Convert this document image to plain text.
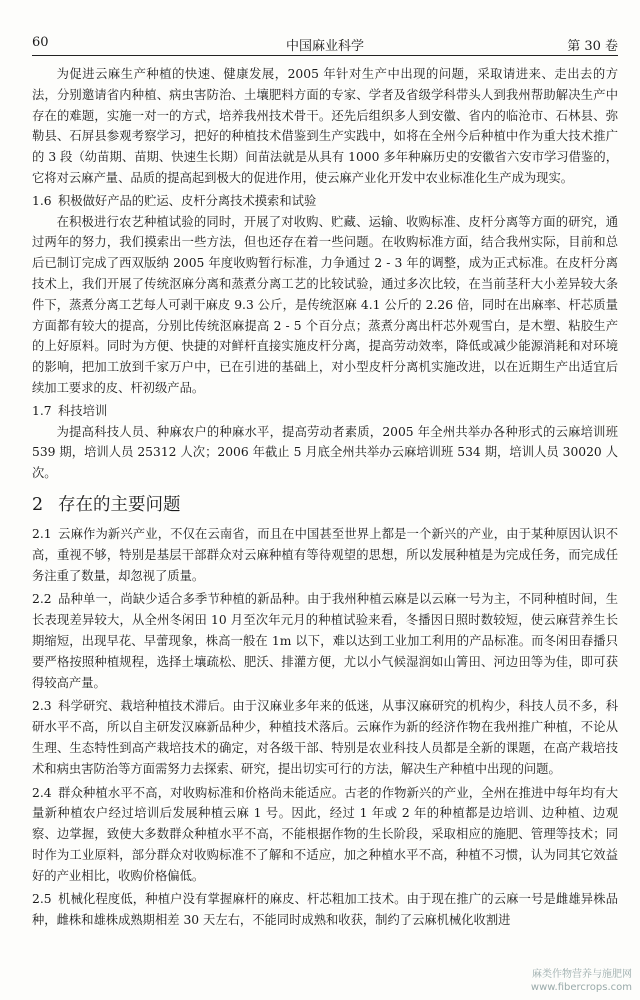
60	中国麻业科学	第 30 卷

为促进云麻生产种植的快速、健康发展，2005 年针对生产中出现的问题，采取请进来、走出去的方法，分别邀请省内种植、病虫害防治、土壤肥料方面的专家、学者及省级学科带头人到我州帮助解决生产中存在的难题，实施一对一的方式，培养我州技术骨干。还先后组织多人到安徽、省内的临沧市、石林县、弥勒县、石屏县参观考察学习，把好的种植技术借鉴到生产实践中，如将在全州今后种植中作为重大技术推广的 3 段（幼苗期、苗期、快速生长期）间苗法就是从具有 1000 多年种麻历史的安徽省六安市学习借鉴的，它将对云麻产量、品质的提高起到极大的促进作用，使云麻产业化开发中农业标准化生产成为现实。

1.6 积极做好产品的贮运、皮杆分离技术摸索和试验

在积极进行农艺种植试验的同时，开展了对收购、贮藏、运输、收购标准、皮杆分离等方面的研究，通过两年的努力，我们摸索出一些方法，但也还存在着一些问题。在收购标准方面，结合我州实际，目前和总后已制订完成了西双版纳 2005 年度收购暂行标准，力争通过 2 - 3 年的调整，成为正式标准。在皮杆分离技术上，我们开展了传统沤麻分离和蒸煮分离工艺的比较试验，通过多次比较，在当前茎秆大小差异较大条件下，蒸煮分离工艺每人可剥干麻皮 9.3 公斤，是传统沤麻 4.1 公斤的 2.26 倍，同时在出麻率、杆芯质量方面都有较大的提高，分别比传统沤麻提高 2 - 5 个百分点；蒸煮分离出杆芯外观雪白，是木塑、粘胶生产的上好原料。同时为方便、快捷的对鲜杆直接实施皮杆分离，提高劳动效率，降低或减少能源消耗和对环境的影响，把加工放到千家万户中，已在引进的基础上，对小型皮杆分离机实施改进，以在近期生产出适宜后续加工要求的皮、杆初级产品。

1.7 科技培训

为提高科技人员、种麻农户的种麻水平，提高劳动者素质，2005 年全州共举办各种形式的云麻培训班 539 期，培训人员 25312 人次；2006 年截止 5 月底全州共举办云麻培训班 534 期，培训人员 30020 人次。

2 存在的主要问题

2.1 云麻作为新兴产业，不仅在云南省，而且在中国甚至世界上都是一个新兴的产业，由于某种原因认识不高，重视不够，特别是基层干部群众对云麻种植有等待观望的思想，所以发展种植是为完成任务，而完成任务注重了数量，却忽视了质量。

2.2 品种单一，尚缺少适合多季节种植的新品种。由于我州种植云麻是以云麻一号为主，不同种植时间，生长表现差异较大，从全州冬闲田 10 月至次年元月的种植试验来看，冬播因日照时数较短，使云麻营养生长期缩短，出现早花、早蕾现象，株高一般在 1m 以下，难以达到工业加工利用的产品标准。而冬闲田春播只要严格按照种植规程，选择土壤疏松、肥沃、排灌方便，尤以小气候湿润如山箐田、河边田等为佳，即可获得较高产量。

2.3 科学研究、栽培种植技术滞后。由于汉麻业多年来的低迷，从事汉麻研究的机构少，科技人员不多，科研水平不高，所以自主研发汉麻新品种少，种植技术落后。云麻作为新的经济作物在我州推广种植，不论从生理、生态特性到高产栽培技术的确定，对各级干部、特别是农业科技人员都是全新的课题，在高产栽培技术和病虫害防治等方面需努力去探索、研究，提出切实可行的方法，解决生产种植中出现的问题。

2.4 群众种植水平不高，对收购标准和价格尚未能适应。古老的作物新兴的产业，全州在推进中每年均有大量新种植农户经过培训后发展种植云麻 1 号。因此，经过 1 年或 2 年的种植都是边培训、边种植、边观察、边掌握，致使大多数群众种植水平不高，不能根据作物的生长阶段，采取相应的施肥、管理等技术；同时作为工业原料，部分群众对收购标准不了解和不适应，加之种植水平不高，种植不习惯，认为同其它效益好的产业相比，收购价格偏低。

2.5 机械化程度低，种植户没有掌握麻杆的麻皮、杆芯粗加工技术。由于现在推广的云麻一号是雌雄异株品种，雌株和雄株成熟期相差 30 天左右，不能同时成熟和收获，制约了云麻机械化收割进

麻类作物营养与施肥网
www.fibercrops.com
